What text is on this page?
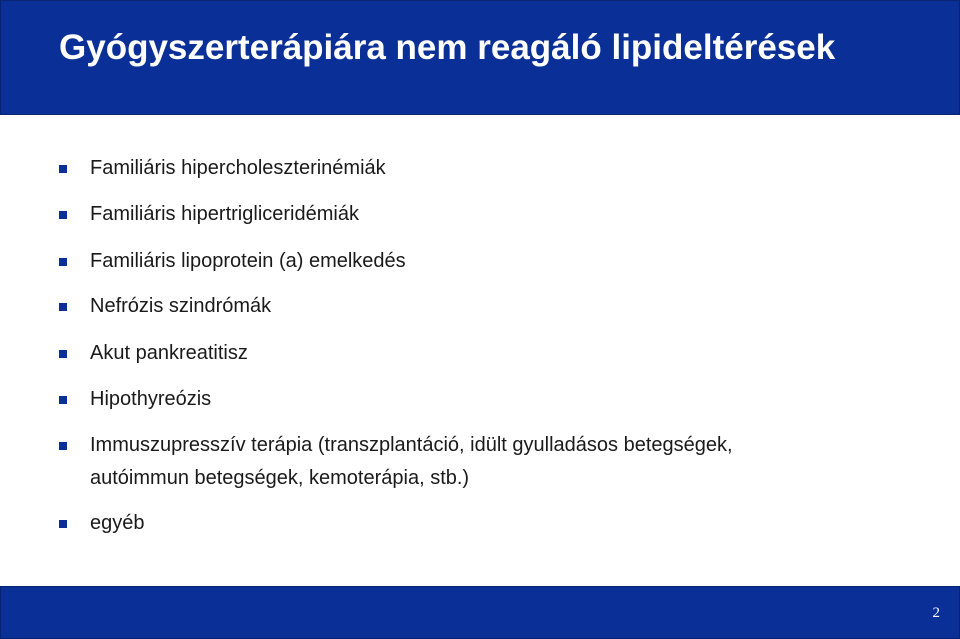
Gyógyszerterápiára nem reagáló lipideltérések
Familiáris hipercholeszterinémiák
Familiáris hipertrigliceridémiák
Familiáris lipoprotein (a) emelkedés
Nefrózis szindrómák
Akut pankreatitisz
Hipothyreózis
Immuszupresszív terápia (transzplantáció, idült gyulladásos betegségek,
autóimmun betegségek, kemoterápia, stb.)
egyéb
2
